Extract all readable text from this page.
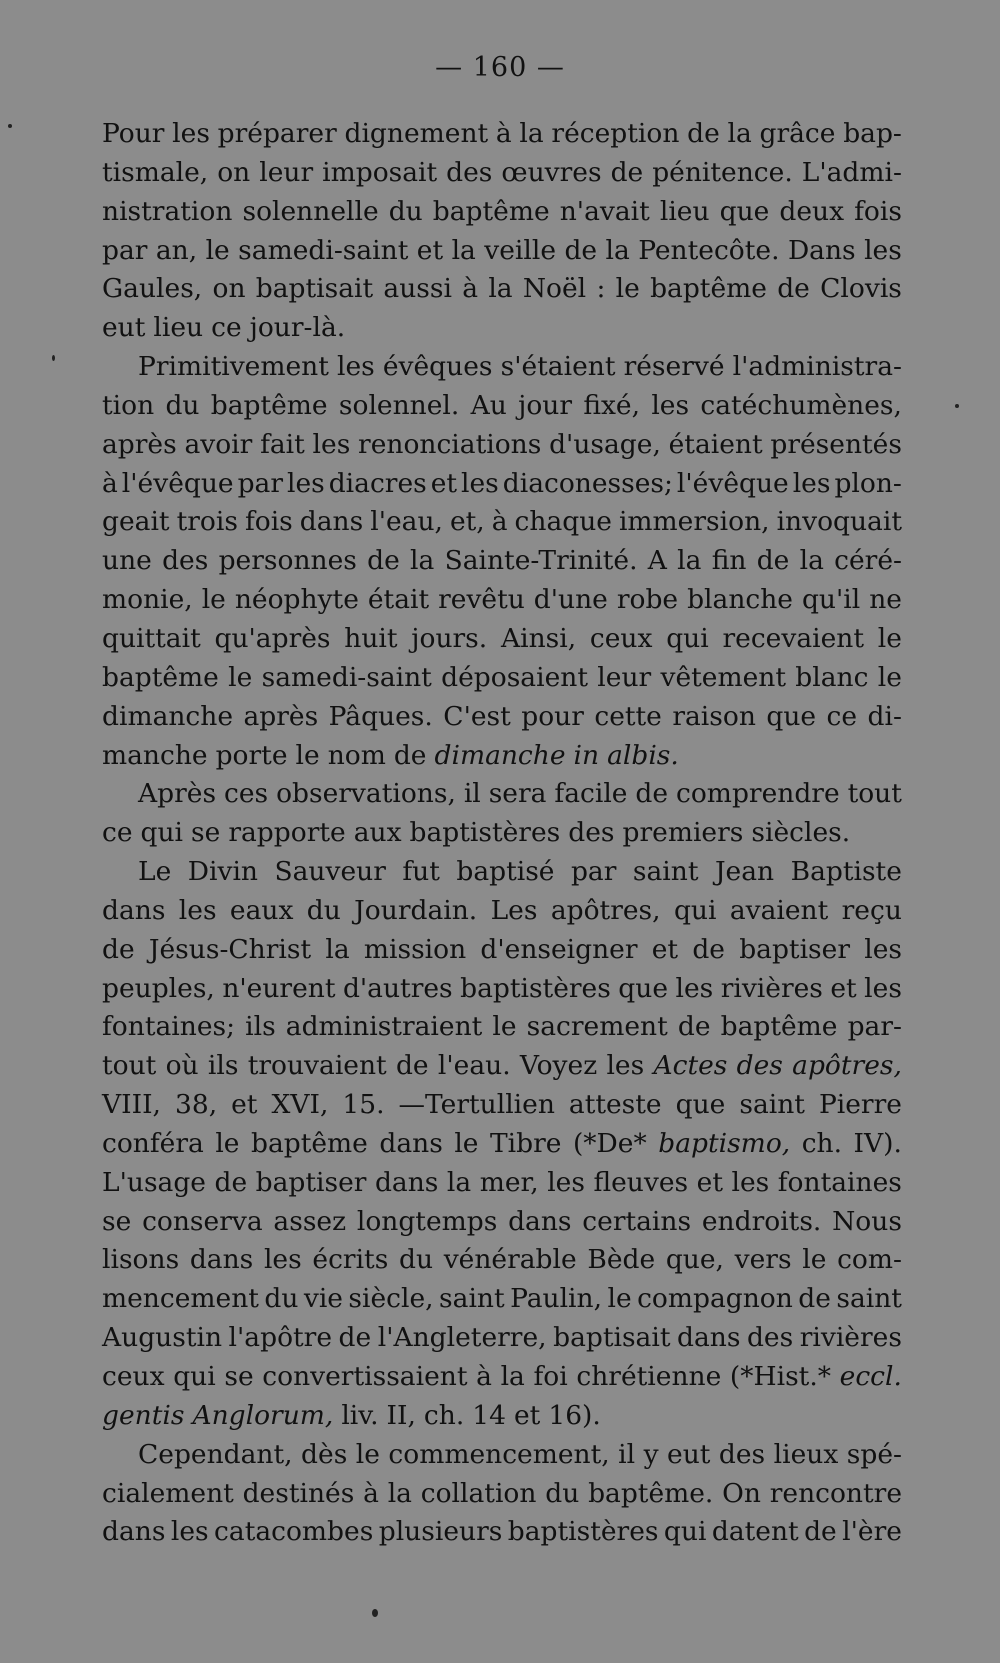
— 160 —
Pour les préparer dignement à la réception de la grâce bap-
tismale, on leur imposait des œuvres de pénitence. L'admi-
nistration solennelle du baptême n'avait lieu que deux fois
par an, le samedi-saint et la veille de la Pentecôte. Dans les
Gaules, on baptisait aussi à la Noël : le baptême de Clovis
eut lieu ce jour-là.
Primitivement les évêques s'étaient réservé l'administra-
tion du baptême solennel. Au jour fixé, les catéchumènes,
après avoir fait les renonciations d'usage, étaient présentés
à l'évêque par les diacres et les diaconesses; l'évêque les plon-
geait trois fois dans l'eau, et, à chaque immersion, invoquait
une des personnes de la Sainte-Trinité. A la fin de la céré-
monie, le néophyte était revêtu d'une robe blanche qu'il ne
quittait qu'après huit jours. Ainsi, ceux qui recevaient le
baptême le samedi-saint déposaient leur vêtement blanc le
dimanche après Pâques. C'est pour cette raison que ce di-
manche porte le nom de dimanche in albis.
Après ces observations, il sera facile de comprendre tout
ce qui se rapporte aux baptistères des premiers siècles.
Le Divin Sauveur fut baptisé par saint Jean Baptiste
dans les eaux du Jourdain. Les apôtres, qui avaient reçu
de Jésus-Christ la mission d'enseigner et de baptiser les
peuples, n'eurent d'autres baptistères que les rivières et les
fontaines; ils administraient le sacrement de baptême par-
tout où ils trouvaient de l'eau. Voyez les Actes des apôtres,
VIII, 38, et XVI, 15. —Tertullien atteste que saint Pierre
conféra le baptême dans le Tibre (*De* baptismo, ch. IV).
L'usage de baptiser dans la mer, les fleuves et les fontaines
se conserva assez longtemps dans certains endroits. Nous
lisons dans les écrits du vénérable Bède que, vers le com-
mencement du vie siècle, saint Paulin, le compagnon de saint
Augustin l'apôtre de l'Angleterre, baptisait dans des rivières
ceux qui se convertissaient à la foi chrétienne (*Hist.* eccl.
gentis Anglorum, liv. II, ch. 14 et 16).
Cependant, dès le commencement, il y eut des lieux spé-
cialement destinés à la collation du baptême. On rencontre
dans les catacombes plusieurs baptistères qui datent de l'ère
